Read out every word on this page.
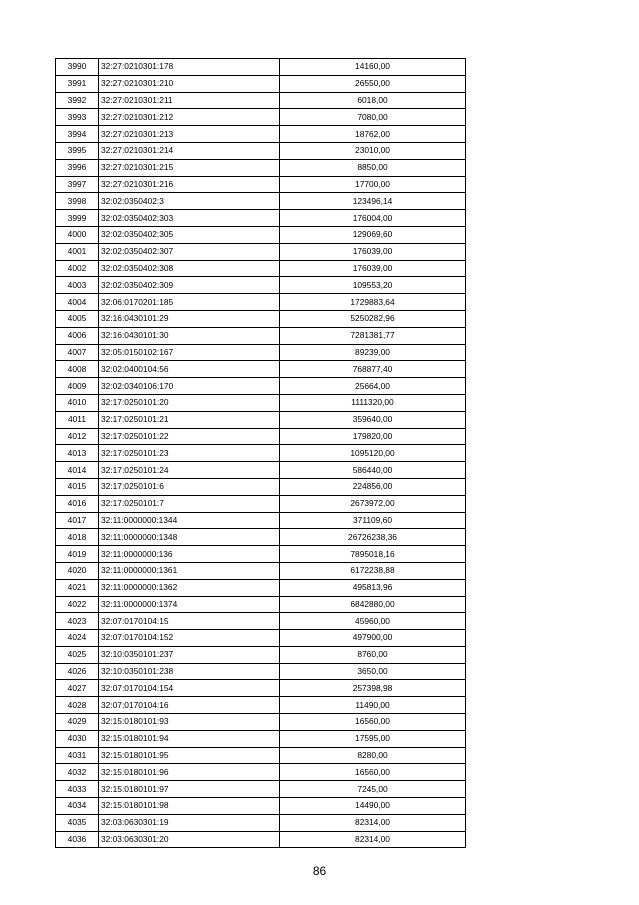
3990	32:27:0210301:178	14160,00
3991	32:27:0210301:210	26550,00
3992	32:27:0210301:211	6018,00
3993	32:27:0210301:212	7080,00
3994	32:27:0210301:213	18762,00
3995	32:27:0210301:214	23010,00
3996	32:27:0210301:215	8850,00
3997	32:27:0210301:216	17700,00
3998	32:02:0350402:3	123496,14
3999	32:02:0350402:303	176004,00
4000	32:02:0350402:305	129069,60
4001	32:02:0350402:307	176039,00
4002	32:02:0350402:308	176039,00
4003	32:02:0350402:309	109553,20
4004	32:06:0170201:185	1729883,64
4005	32:16:0430101:29	5250282,96
4006	32:16:0430101:30	7281381,77
4007	32:05:0150102:167	89239,00
4008	32:02:0400104:56	768877,40
4009	32:02:0340106:170	25664,00
4010	32:17:0250101:20	1111320,00
4011	32:17:0250101:21	359640,00
4012	32:17:0250101:22	179820,00
4013	32:17:0250101:23	1095120,00
4014	32:17:0250101:24	586440,00
4015	32:17:0250101:6	224856,00
4016	32:17:0250101:7	2673972,00
4017	32:11:0000000:1344	371109,60
4018	32:11:0000000:1348	26726238,36
4019	32:11:0000000:136	7895018,16
4020	32:11:0000000:1361	6172238,88
4021	32:11:0000000:1362	495813,96
4022	32:11:0000000:1374	6842880,00
4023	32:07:0170104:15	45960,00
4024	32:07:0170104:152	497900,00
4025	32:10:0350101:237	8760,00
4026	32:10:0350101:238	3650,00
4027	32:07:0170104:154	257398,98
4028	32:07:0170104:16	11490,00
4029	32:15:0180101:93	16560,00
4030	32:15:0180101:94	17595,00
4031	32:15:0180101:95	8280,00
4032	32:15:0180101:96	16560,00
4033	32:15:0180101:97	7245,00
4034	32:15:0180101:98	14490,00
4035	32:03:0630301:19	82314,00
4036	32:03:0630301:20	82314,00
86
